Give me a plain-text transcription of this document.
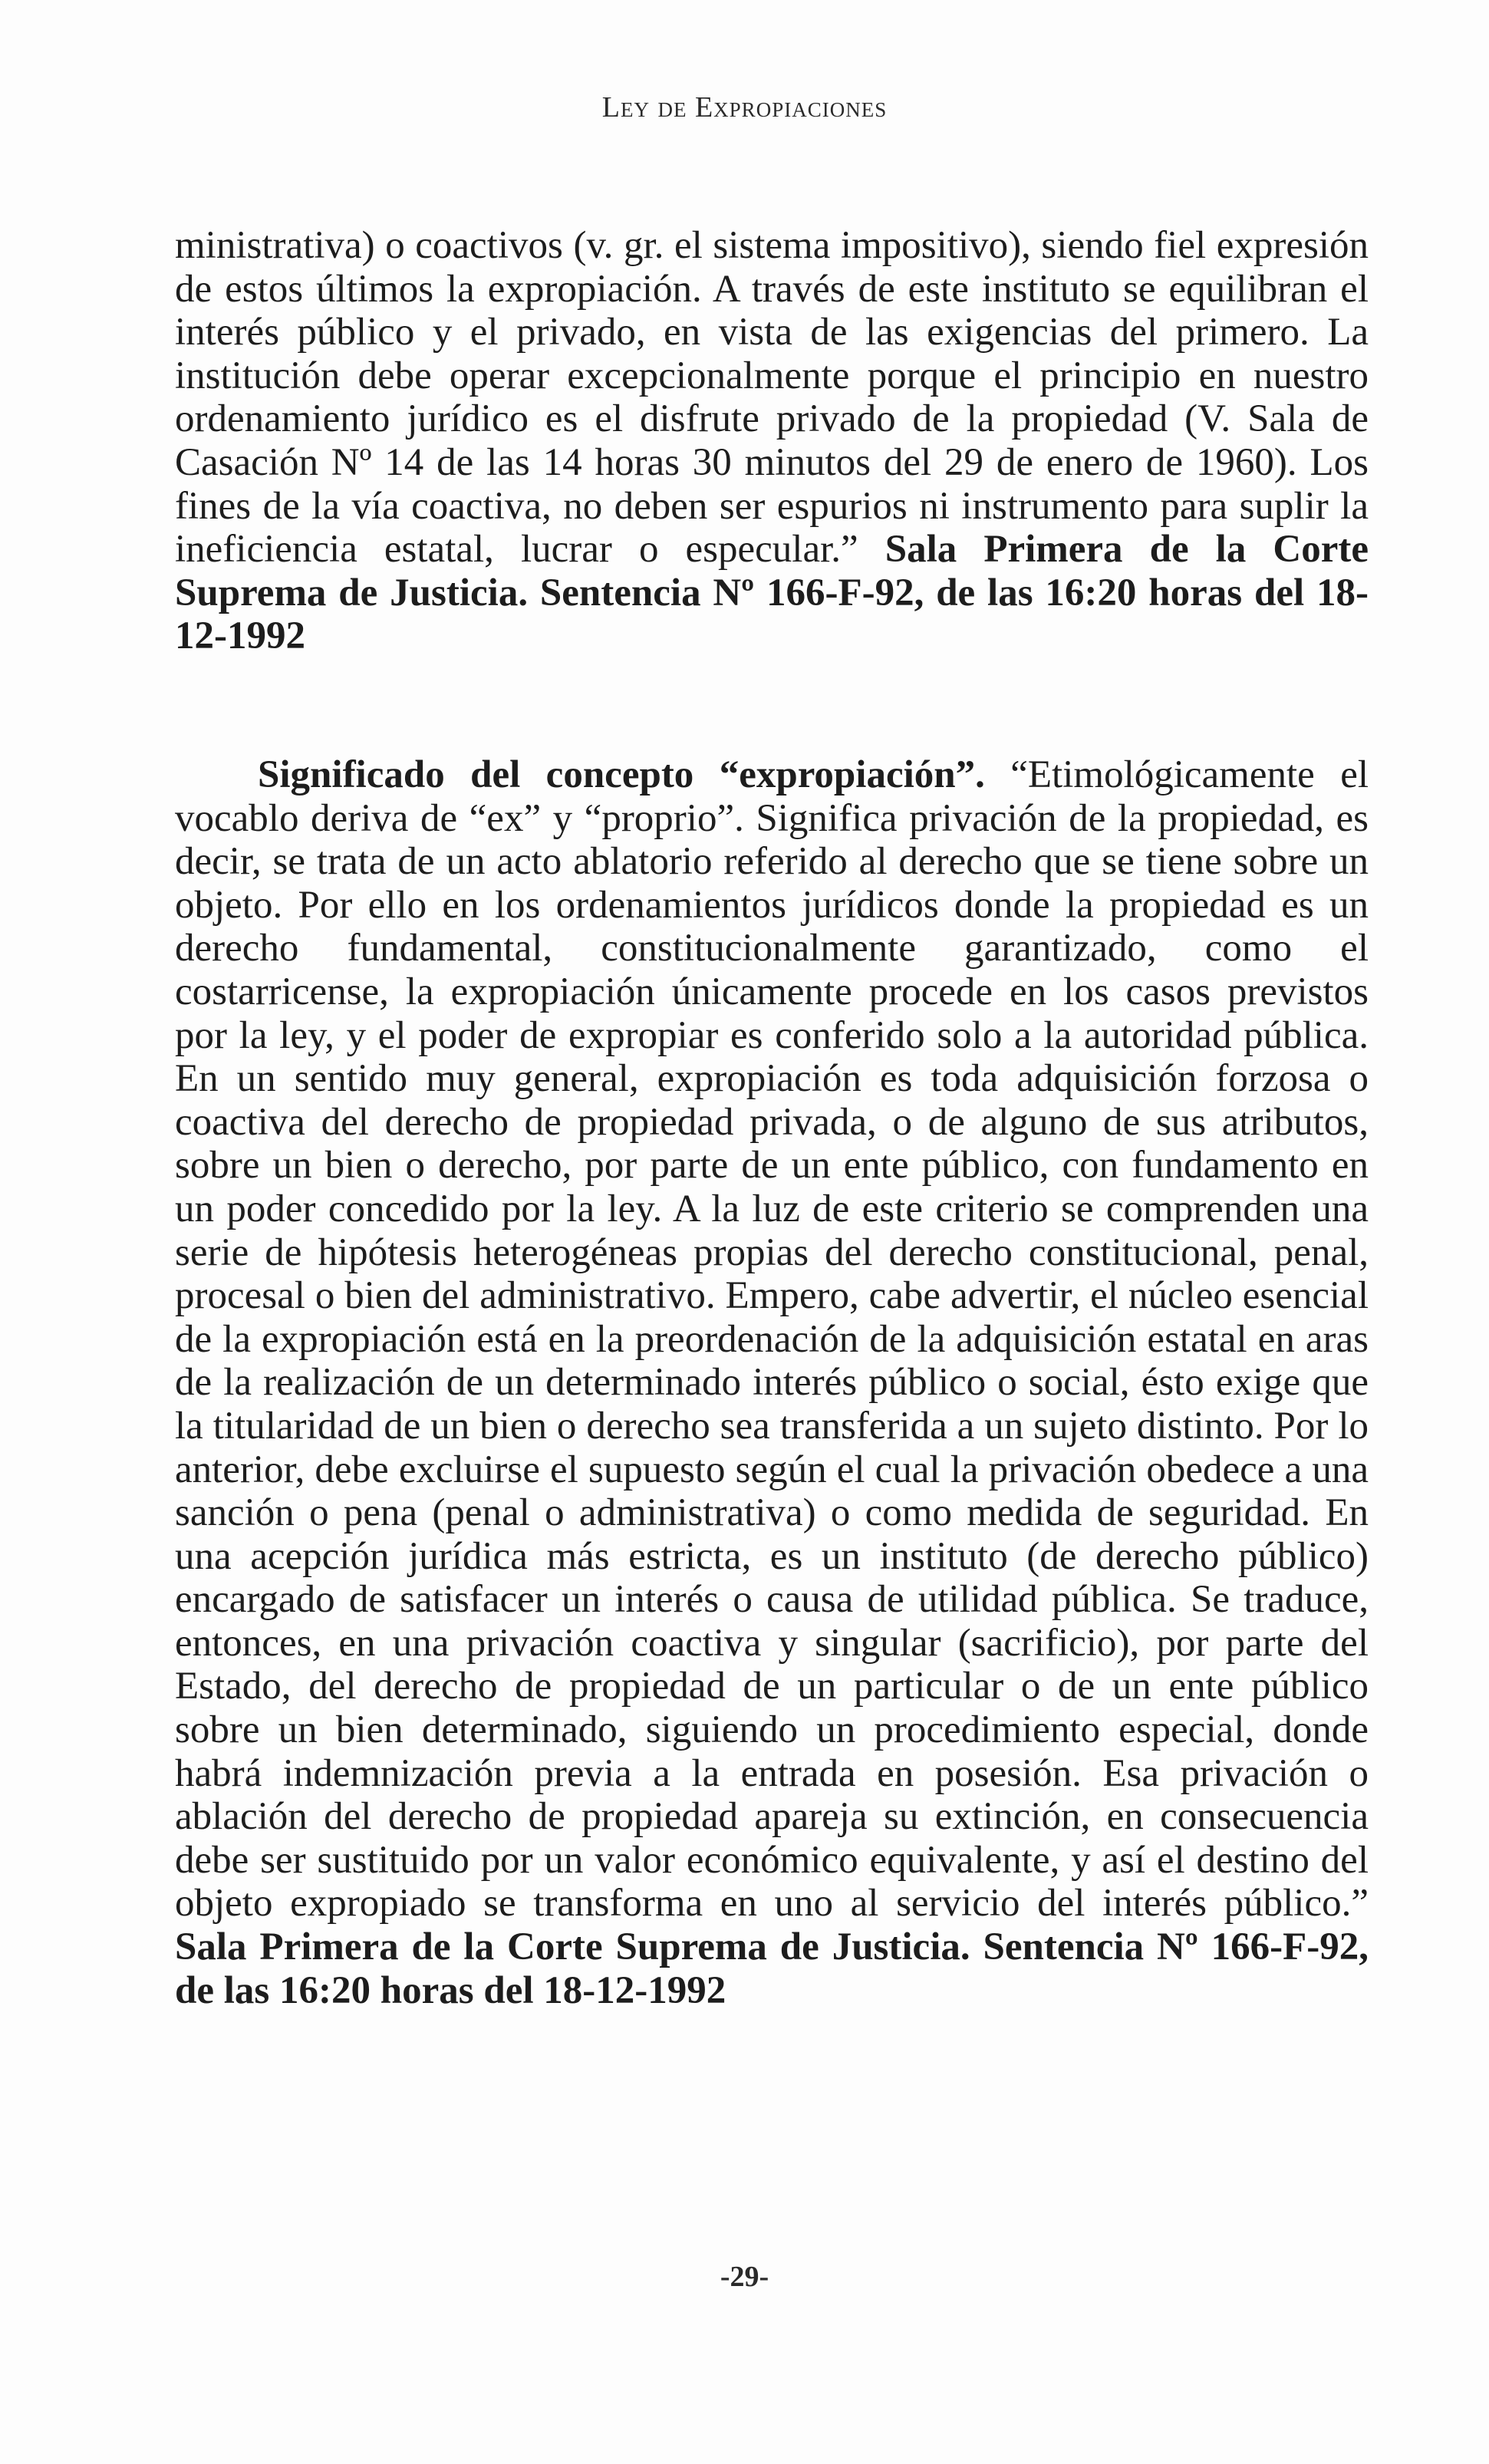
Ley de Expropiaciones

ministrativa) o coactivos (v. gr. el sistema impositivo), siendo fiel expresión de estos últimos la expropiación. A través de este instituto se equilibran el interés público y el privado, en vista de las exigencias del primero. La institución debe operar excepcionalmente porque el principio en nuestro ordenamiento jurídico es el disfrute privado de la propiedad (V. Sala de Casación Nº 14 de las 14 horas 30 minutos del 29 de enero de 1960). Los fines de la vía coactiva, no deben ser espurios ni instrumento para suplir la ineficiencia estatal, lucrar o especular.” Sala Primera de la Corte Suprema de Justicia. Sentencia Nº 166-F-92, de las 16:20 horas del 18-12-1992

Significado del concepto “expropiación”. “Etimológicamente el vocablo deriva de “ex” y “proprio”. Significa privación de la propiedad, es decir, se trata de un acto ablatorio referido al derecho que se tiene sobre un objeto. Por ello en los ordenamientos jurídicos donde la propiedad es un derecho fundamental, constitucionalmente garantizado, como el costarricense, la expropiación únicamente procede en los casos previstos por la ley, y el poder de expropiar es conferido solo a la autoridad pública. En un sentido muy general, expropiación es toda adquisición forzosa o coactiva del derecho de propiedad privada, o de alguno de sus atributos, sobre un bien o derecho, por parte de un ente público, con fundamento en un poder concedido por la ley. A la luz de este criterio se comprenden una serie de hipótesis heterogéneas propias del derecho constitucional, penal, procesal o bien del administrativo. Empero, cabe advertir, el núcleo esencial de la expropiación está en la preordenación de la adquisición estatal en aras de la realización de un determinado interés público o social, ésto exige que la titularidad de un bien o derecho sea transferida a un sujeto distinto. Por lo anterior, debe excluirse el supuesto según el cual la privación obedece a una sanción o pena (penal o administrativa) o como medida de seguridad. En una acepción jurídica más estricta, es un instituto (de derecho público) encargado de satisfacer un interés o causa de utilidad pública. Se traduce, entonces, en una privación coactiva y singular (sacrificio), por parte del Estado, del derecho de propiedad de un particular o de un ente público sobre un bien determinado, siguiendo un procedimiento especial, donde habrá indemnización previa a la entrada en posesión. Esa privación o ablación del derecho de propiedad apareja su extinción, en consecuencia debe ser sustituido por un valor económico equivalente, y así el destino del objeto expropiado se transforma en uno al servicio del interés público.” Sala Primera de la Corte Suprema de Justicia. Sentencia Nº 166-F-92, de las 16:20 horas del 18-12-1992

-29-
